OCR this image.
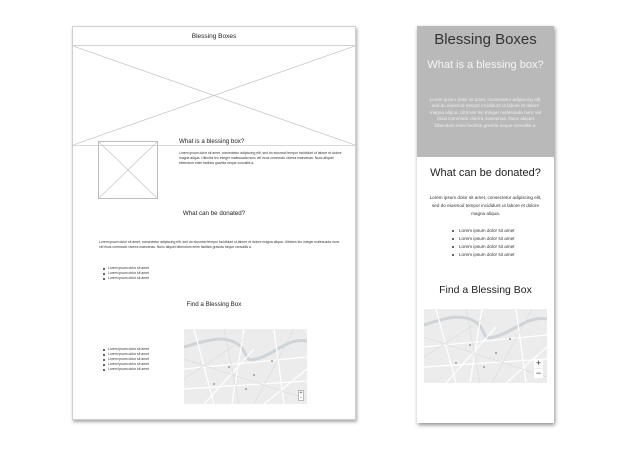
Blessing Boxes
What is a blessing box?
Lorem ipsum dolor sit amet, consectetur adipiscing elit, sed do eiusmod tempor incididunt ut labore et dolore magna aliqua. Ultricies leo integer malesuada nunc vel risus commodo viverra maecenas. Nunc aliquet bibendum enim facilisis gravida neque convallis a.
What can be donated?
Lorem ipsum dolor sit amet, consectetur adipiscing elit, sed do eiusmod tempor incididunt ut labore et dolore magna aliqua. Ultricies leo integer malesuada nunc vel risus commodo viverra maecenas. Nunc aliquet bibendum enim facilisis gravida neque convallis a.
Lorem ipsum dolor sit amet
Lorem ipsum dolor sit amet
Lorem ipsum dolor sit amet
Find a Blessing Box
Lorem ipsum dolor sit amet
Lorem ipsum dolor sit amet
Lorem ipsum dolor sit amet
Lorem ipsum dolor sit amet
Lorem ipsum dolor sit amet
+
-
Blessing Boxes
What is a blessing box?
Lorem ipsum dolor sit amet, consectetur adipiscing elit, sed do eiusmod tempor incididunt ut labore et dolore magna aliqua. Ultricies leo integer malesuada nunc vel risus commodo viverra maecenas. Nunc aliquet bibendum enim facilisis gravida neque convallis a.
What can be donated?
Lorem ipsum dolor sit amet, consectetur adipiscing elit, sed do eiusmod tempor incididunt ut labore et dolore magna aliqua.
Lorem ipsum dolor sit amet
Lorem ipsum dolor sit amet
Lorem ipsum dolor sit amet
Lorem ipsum dolor sit amet
Find a Blessing Box
+
−
